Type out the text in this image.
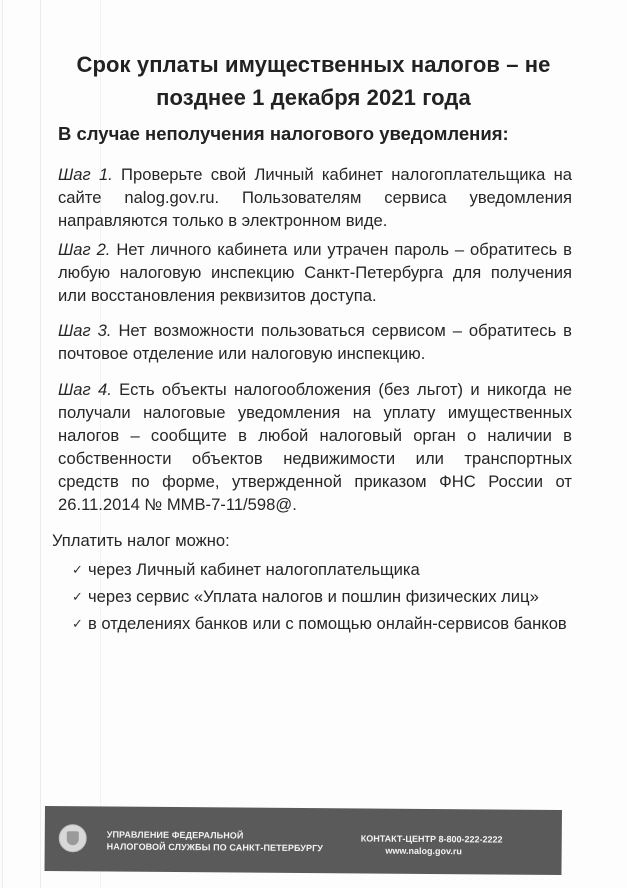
Срок уплаты имущественных налогов – не
позднее 1 декабря 2021 года
В случае неполучения налогового уведомления:
Шаг 1. Проверьте свой Личный кабинет налогоплательщика на сайте nalog.gov.ru. Пользователям сервиса уведомления направляются только в электронном виде.
Шаг 2. Нет личного кабинета или утрачен пароль – обратитесь в любую налоговую инспекцию Санкт-Петербурга для получения или восстановления реквизитов доступа.
Шаг 3. Нет возможности пользоваться сервисом – обратитесь в почтовое отделение или налоговую инспекцию.
Шаг 4. Есть объекты налогообложения (без льгот) и никогда не получали налоговые уведомления на уплату имущественных налогов – сообщите в любой налоговый орган о наличии в собственности объектов недвижимости или транспортных средств по форме, утвержденной приказом ФНС России от 26.11.2014 № ММВ-7-11/598@.
Уплатить налог можно:
✓ через Личный кабинет налогоплательщика
✓ через сервис «Уплата налогов и пошлин физических лиц»
✓ в отделениях банков или с помощью онлайн-сервисов банков
УПРАВЛЕНИЕ ФЕДЕРАЛЬНОЙ
НАЛОГОВОЙ СЛУЖБЫ ПО САНКТ-ПЕТЕРБУРГУ
КОНТАКТ-ЦЕНТР 8-800-222-2222
www.nalog.gov.ru
